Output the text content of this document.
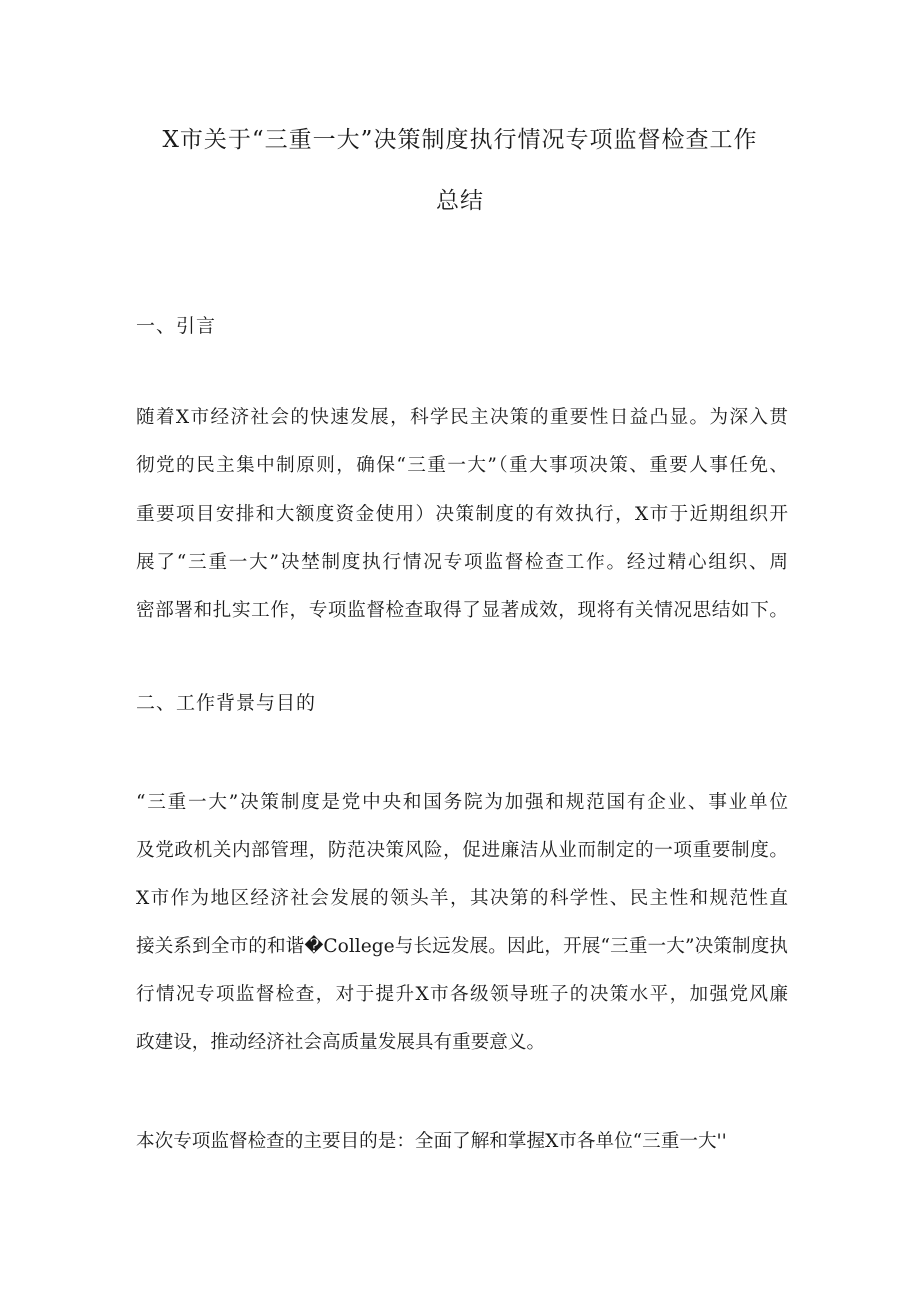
X市关于“三重一大”决策制度执行情况专项监督检查工作
总结
一、引言
随着X市经济社会的快速发展，科学民主决策的重要性日益凸显。为深入贯
彻党的民主集中制原则，确保“三重一大”（重大事项决策、重要人事任免、
重要项目安排和大额度资金使用）决策制度的有效执行，X市于近期组织开
展了“三重一大”决埜制度执行情况专项监督检查工作。经过精心组织、周
密部署和扎实工作，专项监督检查取得了显著成效，现将有关情况思结如下。
二、工作背景与目的
“三重一大”决策制度是党中央和国务院为加强和规范国有企业、事业单位
及党政机关内部管理，防范决策风险，促进廉洁从业而制定的一项重要制度。
X市作为地区经济社会发展的领头羊，其决第的科学性、民主性和规范性直
接关系到全市的和谐�College与长远发展。因此，开展“三重一大”决策制度执
行情况专项监督检查，对于提升X市各级领导班子的决策水平，加强党风廉
政建设，推动经济社会高质量发展具有重要意义。
本次专项监督检查的主要目的是：全面了解和掌握X市各单位“三重一大''
